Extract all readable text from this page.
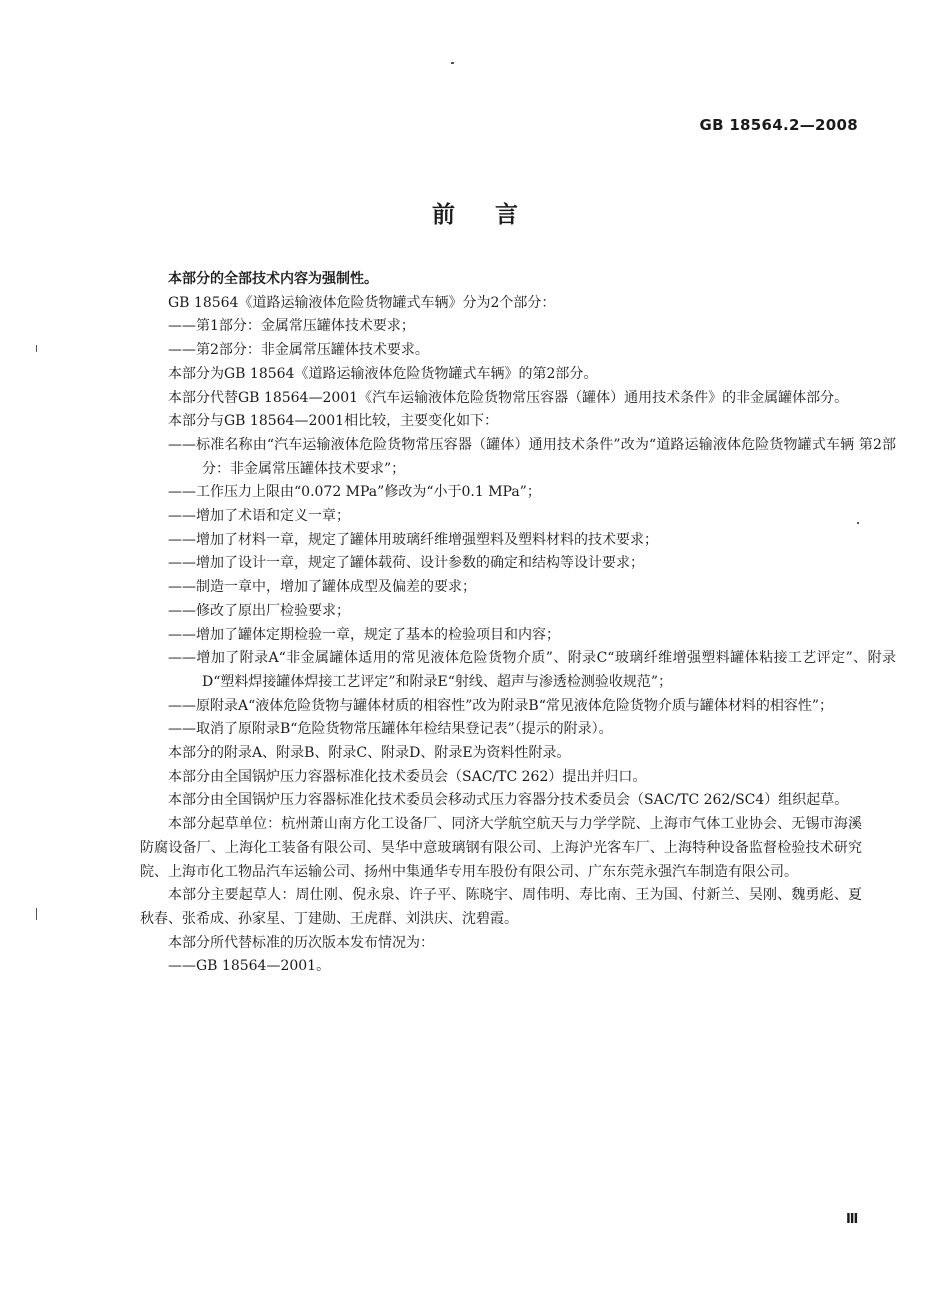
GB 18564.2—2008
前言

本部分的全部技术内容为强制性。

GB 18564《道路运输液体危险货物罐式车辆》分为2个部分：

——第1部分：金属常压罐体技术要求；

——第2部分：非金属常压罐体技术要求。

本部分为GB 18564《道路运输液体危险货物罐式车辆》的第2部分。

本部分代替GB 18564—2001《汽车运输液体危险货物常压容器（罐体）通用技术条件》的非金属罐体部分。

本部分与GB 18564—2001相比较，主要变化如下：

——标准名称由“汽车运输液体危险货物常压容器（罐体）通用技术条件”改为“道路运输液体危险货物罐式车辆 第2部分：非金属常压罐体技术要求”；

——工作压力上限由“0.072 MPa”修改为“小于0.1 MPa”；

——增加了术语和定义一章；

——增加了材料一章，规定了罐体用玻璃纤维增强塑料及塑料材料的技术要求；

——增加了设计一章，规定了罐体载荷、设计参数的确定和结构等设计要求；

——制造一章中，增加了罐体成型及偏差的要求；

——修改了原出厂检验要求；

——增加了罐体定期检验一章，规定了基本的检验项目和内容；

——增加了附录A“非金属罐体适用的常见液体危险货物介质”、附录C“玻璃纤维增强塑料罐体粘接工艺评定”、附录D“塑料焊接罐体焊接工艺评定”和附录E“射线、超声与渗透检测验收规范”；

——原附录A“液体危险货物与罐体材质的相容性”改为附录B“常见液体危险货物介质与罐体材料的相容性”；

——取消了原附录B“危险货物常压罐体年检结果登记表”（提示的附录）。

本部分的附录A、附录B、附录C、附录D、附录E为资料性附录。

本部分由全国锅炉压力容器标准化技术委员会（SAC/TC 262）提出并归口。

本部分由全国锅炉压力容器标准化技术委员会移动式压力容器分技术委员会（SAC/TC 262/SC4）组织起草。

本部分起草单位：杭州萧山南方化工设备厂、同济大学航空航天与力学学院、上海市气体工业协会、无锡市海溪防腐设备厂、上海化工装备有限公司、昊华中意玻璃钢有限公司、上海沪光客车厂、上海特种设备监督检验技术研究院、上海市化工物品汽车运输公司、扬州中集通华专用车股份有限公司、广东东莞永强汽车制造有限公司。

本部分主要起草人：周仕刚、倪永泉、许子平、陈晓宇、周伟明、寿比南、王为国、付新兰、吴刚、魏勇彪、夏秋春、张希成、孙家星、丁建勋、王虎群、刘洪庆、沈碧霞。

本部分所代替标准的历次版本发布情况为：

——GB 18564—2001。

Ⅲ
